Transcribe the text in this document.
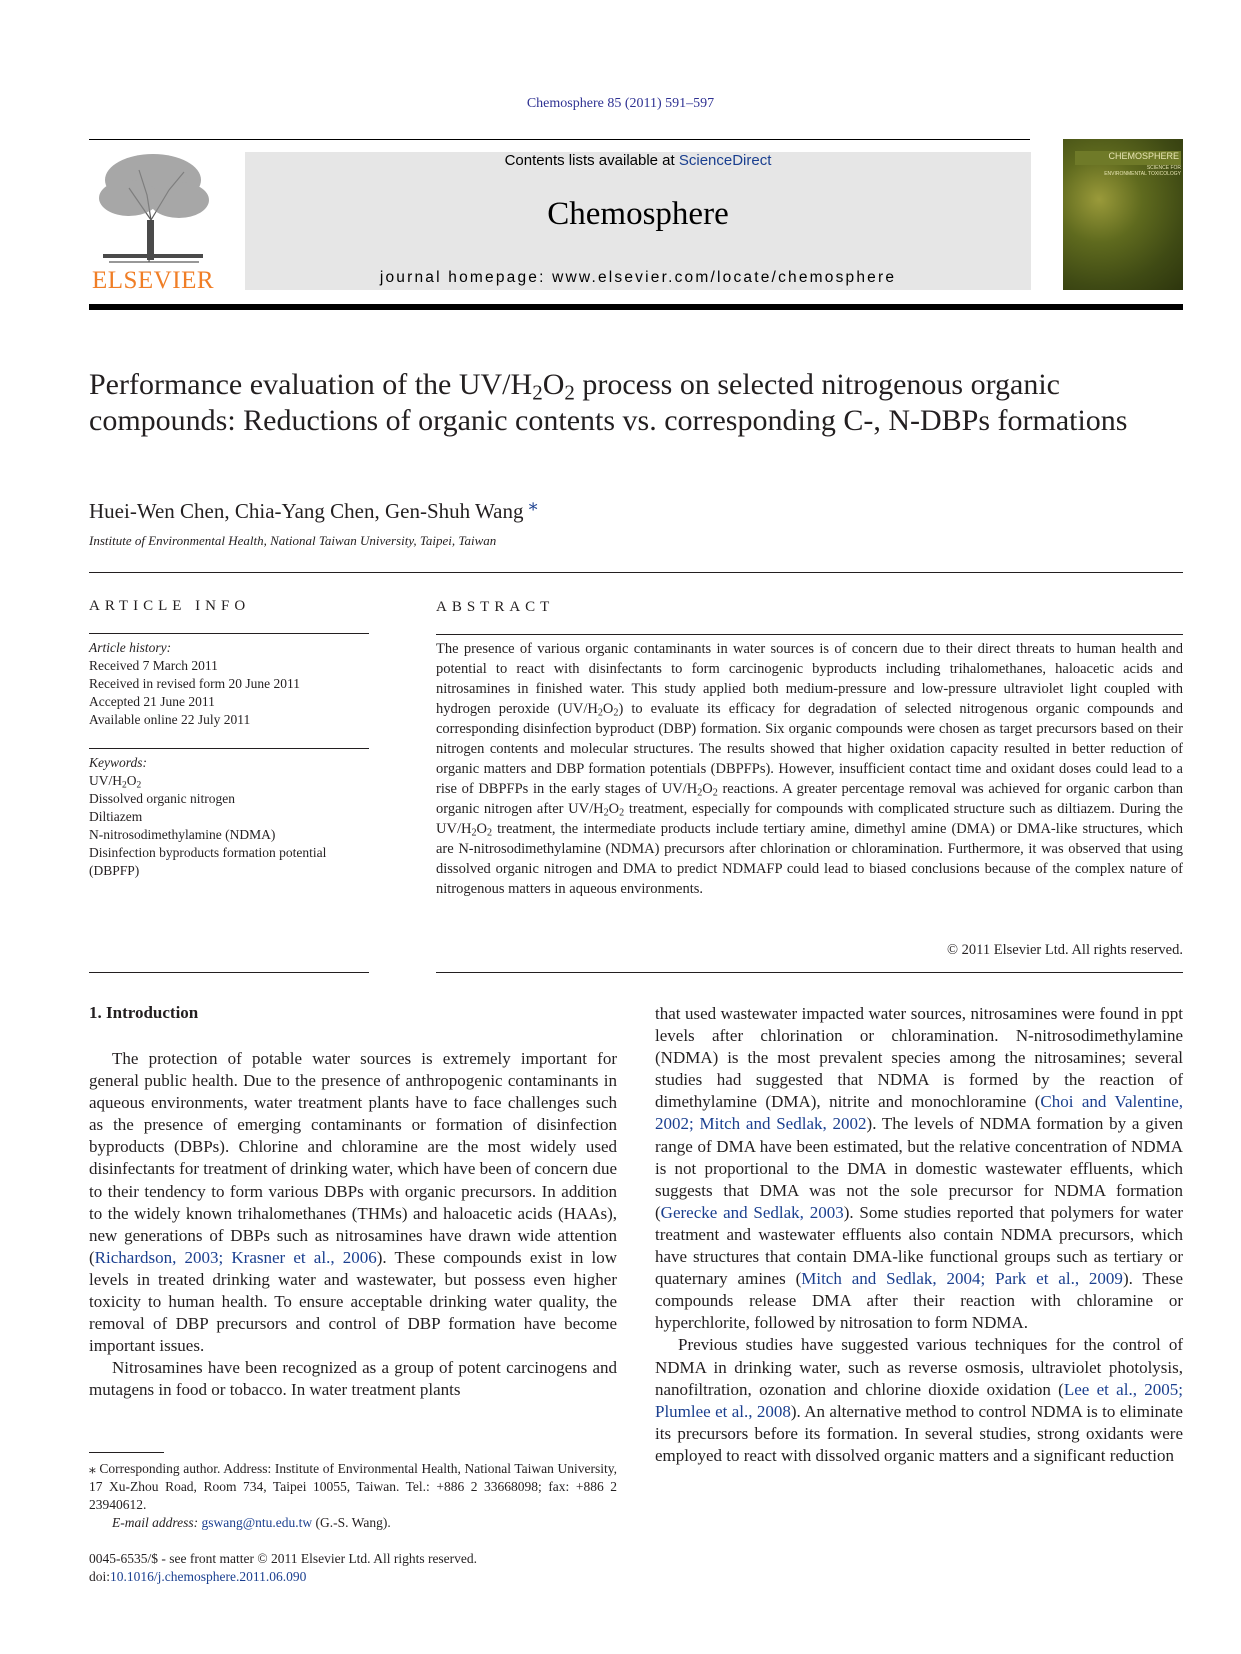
Chemosphere 85 (2011) 591–597
ELSEVIER
Contents lists available at ScienceDirect
Chemosphere
journal homepage: www.elsevier.com/locate/chemosphere
CHEMOSPHERE
SCIENCE FOR ENVIRONMENTAL TOXICOLOGY
Performance evaluation of the $UV/H_2O_2$ process on selected nitrogenous organic compounds: Reductions of organic contents vs. corresponding C-, N-DBPs formations
Huei-Wen Chen, Chia-Yang Chen, Gen-Shuh Wang ⁎
Institute of Environmental Health, National Taiwan University, Taipei, Taiwan
ARTICLE INFO
Article history:
Received 7 March 2011
Received in revised form 20 June 2011
Accepted 21 June 2011
Available online 22 July 2011
Keywords:
$UV/H_2O_2$
Dissolved organic nitrogen
Diltiazem
N-nitrosodimethylamine (NDMA)
Disinfection byproducts formation potential (DBPFP)
ABSTRACT
The presence of various organic contaminants in water sources is of concern due to their direct threats to human health and potential to react with disinfectants to form carcinogenic byproducts including trihalomethanes, haloacetic acids and nitrosamines in finished water. This study applied both medium-pressure and low-pressure ultraviolet light coupled with hydrogen peroxide $(UV/H_2O_2)$ to evaluate its efficacy for degradation of selected nitrogenous organic compounds and corresponding disinfection byproduct (DBP) formation. Six organic compounds were chosen as target precursors based on their nitrogen contents and molecular structures. The results showed that higher oxidation capacity resulted in better reduction of organic matters and DBP formation potentials (DBPFPs). However, insufficient contact time and oxidant doses could lead to a rise of DBPFPs in the early stages of $UV/H_2O_2$ reactions. A greater percentage removal was achieved for organic carbon than organic nitrogen after $UV/H_2O_2$ treatment, especially for compounds with complicated structure such as diltiazem. During the $UV/H_2O_2$ treatment, the intermediate products include tertiary amine, dimethyl amine (DMA) or DMA-like structures, which are N-nitrosodimethylamine (NDMA) precursors after chlorination or chloramination. Furthermore, it was observed that using dissolved organic nitrogen and DMA to predict NDMAFP could lead to biased conclusions because of the complex nature of nitrogenous matters in aqueous environments.
© 2011 Elsevier Ltd. All rights reserved.
1. Introduction

The protection of potable water sources is extremely important for general public health. Due to the presence of anthropogenic contaminants in aqueous environments, water treatment plants have to face challenges such as the presence of emerging contaminants or formation of disinfection byproducts (DBPs). Chlorine and chloramine are the most widely used disinfectants for treatment of drinking water, which have been of concern due to their tendency to form various DBPs with organic precursors. In addition to the widely known trihalomethanes (THMs) and haloacetic acids (HAAs), new generations of DBPs such as nitrosamines have drawn wide attention (Richardson, 2003; Krasner et al., 2006). These compounds exist in low levels in treated drinking water and wastewater, but possess even higher toxicity to human health. To ensure acceptable drinking water quality, the removal of DBP precursors and control of DBP formation have become important issues.

Nitrosamines have been recognized as a group of potent carcinogens and mutagens in food or tobacco. In water treatment plants

that used wastewater impacted water sources, nitrosamines were found in ppt levels after chlorination or chloramination. N-nitrosodimethylamine (NDMA) is the most prevalent species among the nitrosamines; several studies had suggested that NDMA is formed by the reaction of dimethylamine (DMA), nitrite and monochloramine (Choi and Valentine, 2002; Mitch and Sedlak, 2002). The levels of NDMA formation by a given range of DMA have been estimated, but the relative concentration of NDMA is not proportional to the DMA in domestic wastewater effluents, which suggests that DMA was not the sole precursor for NDMA formation (Gerecke and Sedlak, 2003). Some studies reported that polymers for water treatment and wastewater effluents also contain NDMA precursors, which have structures that contain DMA-like functional groups such as tertiary or quaternary amines (Mitch and Sedlak, 2004; Park et al., 2009). These compounds release DMA after their reaction with chloramine or hyperchlorite, followed by nitrosation to form NDMA.

Previous studies have suggested various techniques for the control of NDMA in drinking water, such as reverse osmosis, ultraviolet photolysis, nanofiltration, ozonation and chlorine dioxide oxidation (Lee et al., 2005; Plumlee et al., 2008). An alternative method to control NDMA is to eliminate its precursors before its formation. In several studies, strong oxidants were employed to react with dissolved organic matters and a significant reduction

⁎ Corresponding author. Address: Institute of Environmental Health, National Taiwan University, 17 Xu-Zhou Road, Room 734, Taipei 10055, Taiwan. Tel.: +886 2 33668098; fax: +886 2 23940612.

E-mail address: gswang@ntu.edu.tw (G.-S. Wang).

0045-6535/$ - see front matter © 2011 Elsevier Ltd. All rights reserved.
doi:10.1016/j.chemosphere.2011.06.090
